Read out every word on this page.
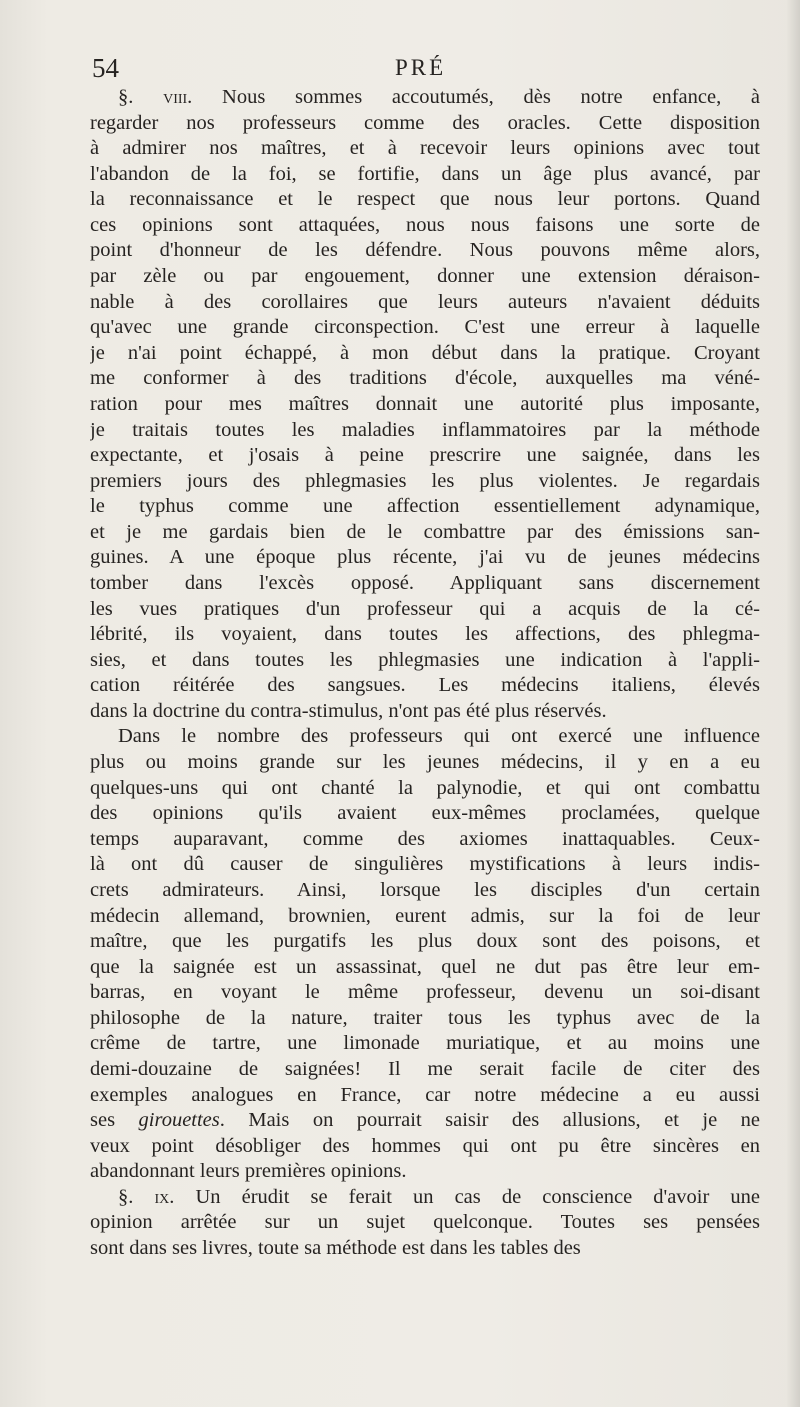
54	PRÉ
§. viii. Nous sommes accoutumés, dès notre enfance, à
regarder nos professeurs comme des oracles. Cette disposition
à admirer nos maîtres, et à recevoir leurs opinions avec tout
l'abandon de la foi, se fortifie, dans un âge plus avancé, par
la reconnaissance et le respect que nous leur portons. Quand
ces opinions sont attaquées, nous nous faisons une sorte de
point d'honneur de les défendre. Nous pouvons même alors,
par zèle ou par engouement, donner une extension déraison-
nable à des corollaires que leurs auteurs n'avaient déduits
qu'avec une grande circonspection. C'est une erreur à laquelle
je n'ai point échappé, à mon début dans la pratique. Croyant
me conformer à des traditions d'école, auxquelles ma véné-
ration pour mes maîtres donnait une autorité plus imposante,
je traitais toutes les maladies inflammatoires par la méthode
expectante, et j'osais à peine prescrire une saignée, dans les
premiers jours des phlegmasies les plus violentes. Je regardais
le typhus comme une affection essentiellement adynamique,
et je me gardais bien de le combattre par des émissions san-
guines. A une époque plus récente, j'ai vu de jeunes médecins
tomber dans l'excès opposé. Appliquant sans discernement
les vues pratiques d'un professeur qui a acquis de la cé-
lébrité, ils voyaient, dans toutes les affections, des phlegma-
sies, et dans toutes les phlegmasies une indication à l'appli-
cation réitérée des sangsues. Les médecins italiens, élevés
dans la doctrine du contra-stimulus, n'ont pas été plus réservés.
Dans le nombre des professeurs qui ont exercé une influence
plus ou moins grande sur les jeunes médecins, il y en a eu
quelques-uns qui ont chanté la palynodie, et qui ont combattu
des opinions qu'ils avaient eux-mêmes proclamées, quelque
temps auparavant, comme des axiomes inattaquables. Ceux-
là ont dû causer de singulières mystifications à leurs indis-
crets admirateurs. Ainsi, lorsque les disciples d'un certain
médecin allemand, brownien, eurent admis, sur la foi de leur
maître, que les purgatifs les plus doux sont des poisons, et
que la saignée est un assassinat, quel ne dut pas être leur em-
barras, en voyant le même professeur, devenu un soi-disant
philosophe de la nature, traiter tous les typhus avec de la
crême de tartre, une limonade muriatique, et au moins une
demi-douzaine de saignées! Il me serait facile de citer des
exemples analogues en France, car notre médecine a eu aussi
ses girouettes. Mais on pourrait saisir des allusions, et je ne
veux point désobliger des hommes qui ont pu être sincères en
abandonnant leurs premières opinions.
§. ix. Un érudit se ferait un cas de conscience d'avoir une
opinion arrêtée sur un sujet quelconque. Toutes ses pensées
sont dans ses livres, toute sa méthode est dans les tables des
